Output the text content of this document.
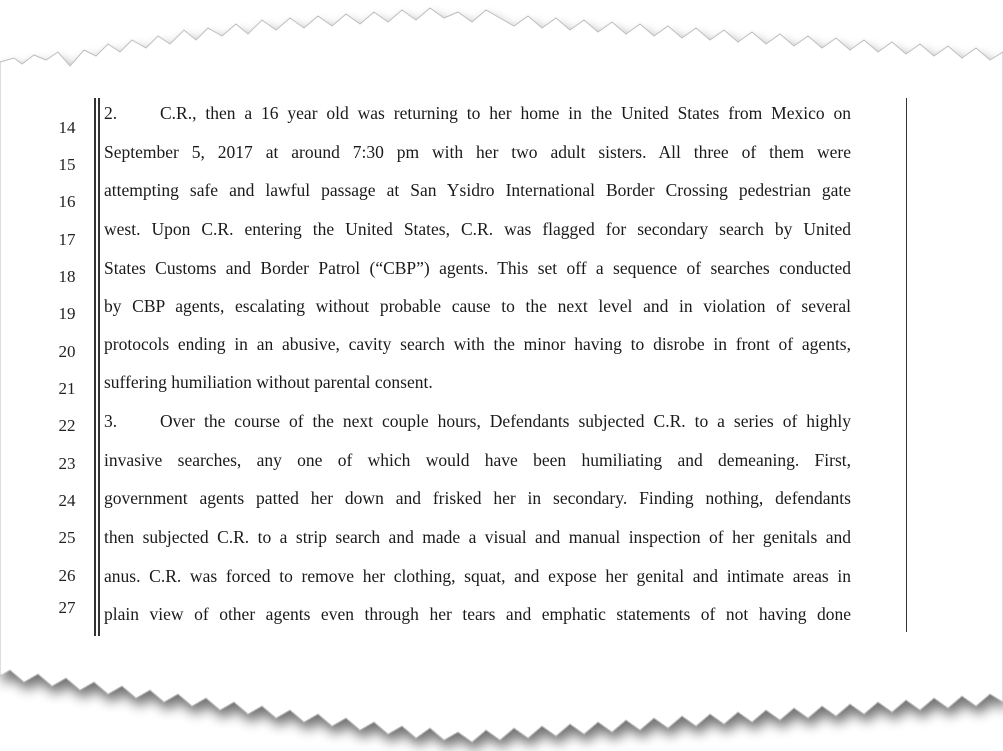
14
15
16
17
18
19
20
21
22
23
24
25
26
27
2. C.R., then a 16 year old was returning to her home in the United States from Mexico on
September 5, 2017 at around 7:30 pm with her two adult sisters. All three of them were
attempting safe and lawful passage at San Ysidro International Border Crossing pedestrian gate
west. Upon C.R. entering the United States, C.R. was flagged for secondary search by United
States Customs and Border Patrol (“CBP”) agents. This set off a sequence of searches conducted
by CBP agents, escalating without probable cause to the next level and in violation of several
protocols ending in an abusive, cavity search with the minor having to disrobe in front of agents,
suffering humiliation without parental consent.
3. Over the course of the next couple hours, Defendants subjected C.R. to a series of highly
invasive searches, any one of which would have been humiliating and demeaning. First,
government agents patted her down and frisked her in secondary. Finding nothing, defendants
then subjected C.R. to a strip search and made a visual and manual inspection of her genitals and
anus. C.R. was forced to remove her clothing, squat, and expose her genital and intimate areas in
plain view of other agents even through her tears and emphatic statements of not having done
